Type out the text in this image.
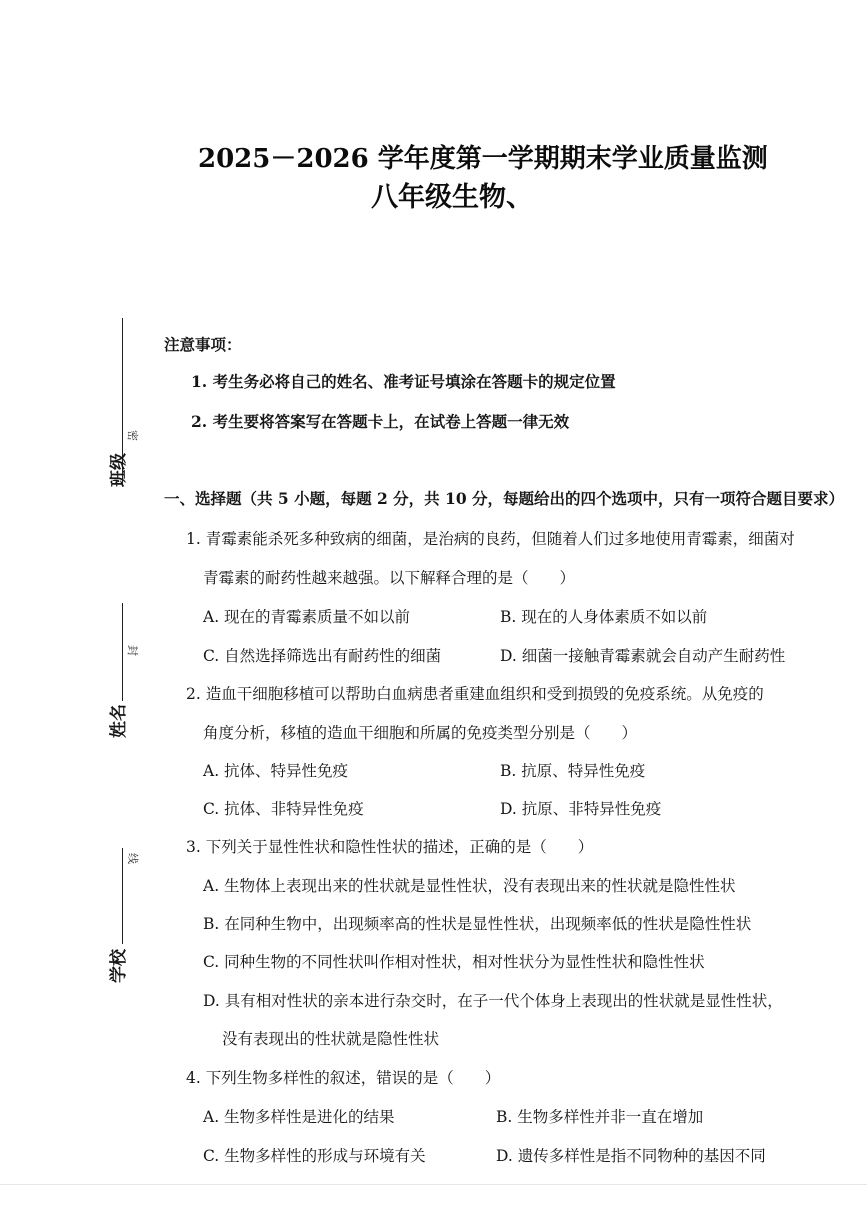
2025－2026 学年度第一学期期末学业质量监测
八年级生物、
班级
密
姓名
封
学校
线
注意事项：
1. 考生务必将自己的姓名、准考证号填涂在答题卡的规定位置
2. 考生要将答案写在答题卡上，在试卷上答题一律无效
一、选择题（共 5 小题，每题 2 分，共 10 分，每题给出的四个选项中，只有一项符合题目要求）
1. 青霉素能杀死多种致病的细菌，是治病的良药，但随着人们过多地使用青霉素，细菌对
青霉素的耐药性越来越强。以下解释合理的是（　　）
A. 现在的青霉素质量不如以前	B. 现在的人身体素质不如以前
C. 自然选择筛选出有耐药性的细菌	D. 细菌一接触青霉素就会自动产生耐药性
2. 造血干细胞移植可以帮助白血病患者重建血组织和受到损毁的免疫系统。从免疫的
角度分析，移植的造血干细胞和所属的免疫类型分别是（　　）
A. 抗体、特异性免疫	B. 抗原、特异性免疫
C. 抗体、非特异性免疫	D. 抗原、非特异性免疫
3. 下列关于显性性状和隐性性状的描述，正确的是（　　）
A. 生物体上表现出来的性状就是显性性状，没有表现出来的性状就是隐性性状
B. 在同种生物中，出现频率高的性状是显性性状，出现频率低的性状是隐性性状
C. 同种生物的不同性状叫作相对性状，相对性状分为显性性状和隐性性状
D. 具有相对性状的亲本进行杂交时，在子一代个体身上表现出的性状就是显性性状，
没有表现出的性状就是隐性性状
4. 下列生物多样性的叙述，错误的是（　　）
A. 生物多样性是进化的结果	B. 生物多样性并非一直在增加
C. 生物多样性的形成与环境有关	D. 遗传多样性是指不同物种的基因不同
